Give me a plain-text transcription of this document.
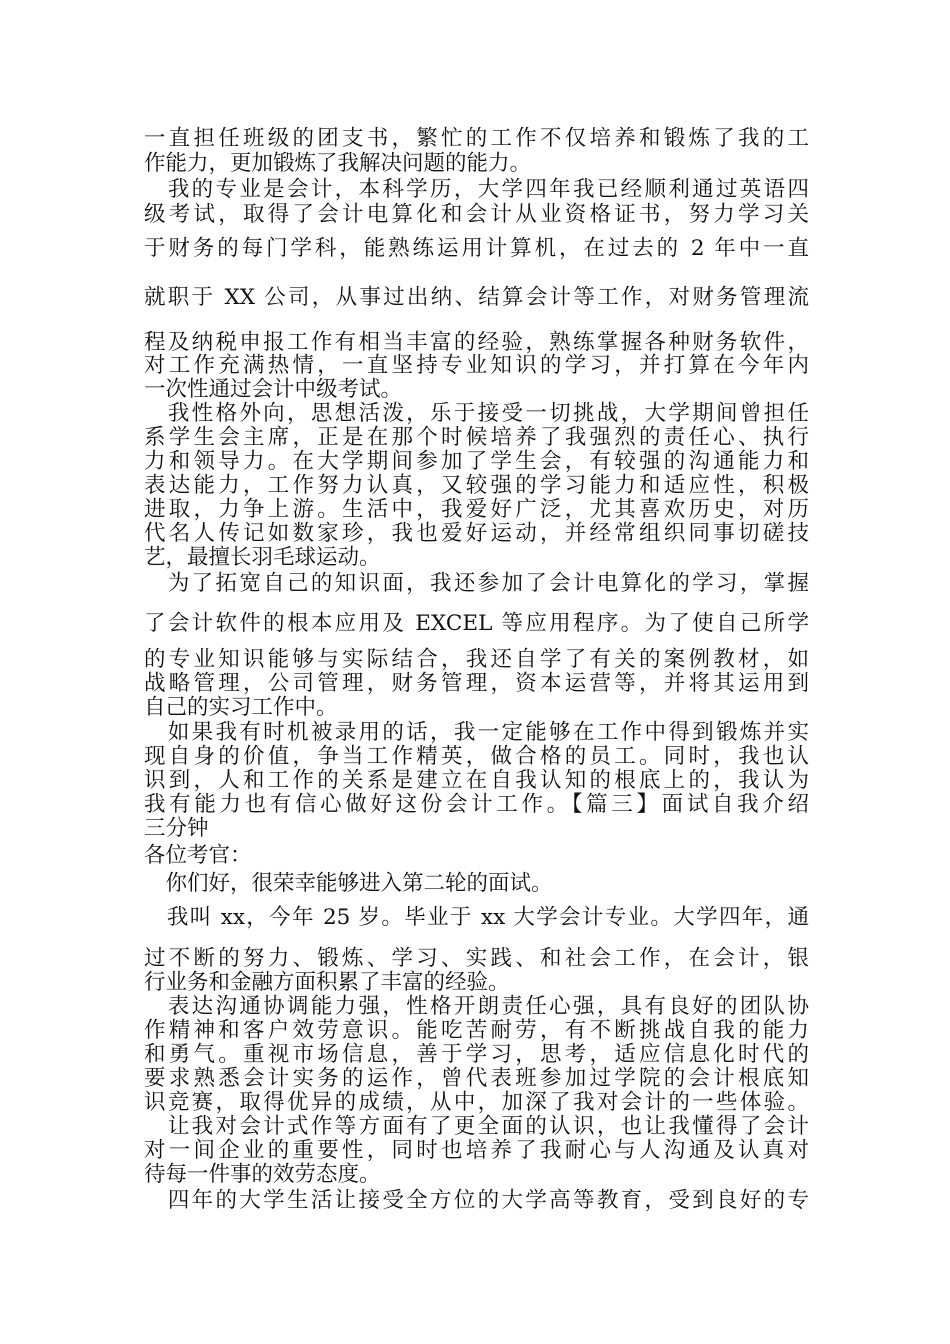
一直担任班级的团支书，繁忙的工作不仅培养和锻炼了我的工

作能力，更加锻炼了我解决问题的能力。

　我的专业是会计，本科学历，大学四年我已经顺利通过英语四

级考试，取得了会计电算化和会计从业资格证书，努力学习关

于财务的每门学科，能熟练运用计算机，在过去的 2 年中一直

就职于 XX 公司，从事过出纳、结算会计等工作，对财务管理流

程及纳税申报工作有相当丰富的经验，熟练掌握各种财务软件，

对工作充满热情，一直坚持专业知识的学习，并打算在今年内

一次性通过会计中级考试。

　我性格外向，思想活泼，乐于接受一切挑战，大学期间曾担任

系学生会主席，正是在那个时候培养了我强烈的责任心、执行

力和领导力。在大学期间参加了学生会，有较强的沟通能力和

表达能力，工作努力认真，又较强的学习能力和适应性，积极

进取，力争上游。生活中，我爱好广泛，尤其喜欢历史，对历

代名人传记如数家珍，我也爱好运动，并经常组织同事切磋技

艺，最擅长羽毛球运动。

　为了拓宽自己的知识面，我还参加了会计电算化的学习，掌握

了会计软件的根本应用及 EXCEL 等应用程序。为了使自己所学

的专业知识能够与实际结合，我还自学了有关的案例教材，如

战略管理，公司管理，财务管理，资本运营等，并将其运用到

自己的实习工作中。

　如果我有时机被录用的话，我一定能够在工作中得到锻炼并实

现自身的价值，争当工作精英，做合格的员工。同时，我也认

识到，人和工作的关系是建立在自我认知的根底上的，我认为

我有能力也有信心做好这份会计工作。【篇三】面试自我介绍

三分钟

各位考官：

　你们好，很荣幸能够进入第二轮的面试。

　我叫 xx，今年 25 岁。毕业于 xx 大学会计专业。大学四年，通

过不断的努力、锻炼、学习、实践、和社会工作，在会计，银

行业务和金融方面积累了丰富的经验。

　表达沟通协调能力强，性格开朗责任心强，具有良好的团队协

作精神和客户效劳意识。能吃苦耐劳，有不断挑战自我的能力

和勇气。重视市场信息，善于学习，思考，适应信息化时代的

要求熟悉会计实务的运作，曾代表班参加过学院的会计根底知

识竞赛，取得优异的成绩，从中，加深了我对会计的一些体验。

　让我对会计式作等方面有了更全面的认识，也让我懂得了会计

对一间企业的重要性，同时也培养了我耐心与人沟通及认真对

待每一件事的效劳态度。

　四年的大学生活让接受全方位的大学高等教育，受到良好的专
